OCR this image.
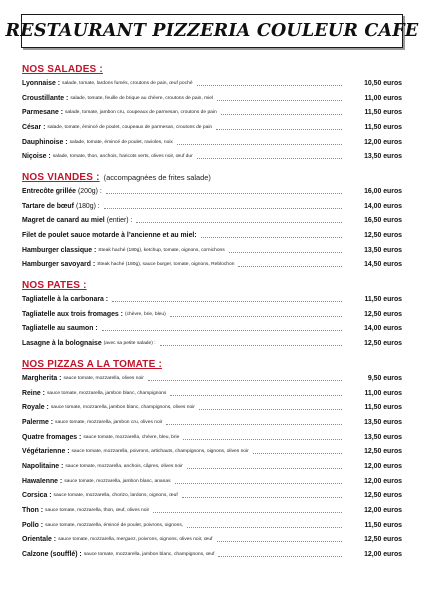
RESTAURANT PIZZERIA COULEUR CAFE
NOS SALADES :
Lyonnaise : salade, tomate, lardons fumés, croutons de pain, œuf poché	10,50 euros
Croustillante : salade, tomate, feuille de brique au chèvre, croutons de pain, miel	11,00 euros
Parmesane : salade, tomate, jambon cru, coupeaux de parmesan, croutons de pain	11,50 euros
César : salade, tomate, émincé de poulet, coupeaux de parmesan, croutons de pain	11,50 euros
Dauphinoise : salade, tomate, émincé de poulet, ravioles, noix	12,00 euros
Niçoise : salade, tomate, thon, anchois, haricots verts, olives noir, œuf dur	13,50 euros
NOS VIANDES : (accompagnées de frites salade)
Entrecôte grillée (200g) :	16,00 euros
Tartare de bœuf (180g) :	14,00 euros
Magret de canard au miel (entier) :	16,50 euros
Filet de poulet sauce motarde à l’ancienne et au miel:	12,50 euros
Hamburger classique : Steak haché (180g), ketchup, tomate, oignons, cornichons	13,50 euros
Hamburger savoyard : Steak haché (180g), sauce burger, tomate, oignons, Reblochon	14,50 euros
NOS PATES :
Tagliatelle à la carbonara :	11,50 euros
Tagliatelle aux trois fromages : (chèvre, brie, bleu)	12,50 euros
Tagliatelle au saumon :	14,00 euros
Lasagne à la bolognaise (avec sa petite salade) :	12,50 euros
NOS PIZZAS A LA TOMATE :
Margherita : sauce tomate, mozzarella, olives noir	9,50 euros
Reine : sauce tomate, mozzarella, jambon blanc, champignons	11,00 euros
Royale : sauce tomate, mozzarella, jambon blanc, champignons, olives noir	11,50 euros
Palerme : sauce tomate, mozzarella, jambon cru, olives noir	13,50 euros
Quatre fromages : sauce tomate, mozzarella, chèvre, bleu, brie	13,50 euros
Végétarienne : sauce tomate, mozzarella, poivrons, artichauts, champignons, oignons, olives noir	12,50 euros
Napolitaine : sauce tomate, mozzarella, anchois, câpres, olives noir	12,00 euros
Hawaïenne : sauce tomate, mozzarella, jambon blanc, ananas	12,00 euros
Corsica : sauce tomate, mozzarella, chorizo, lardons, oignons, œuf	12,50 euros
Thon : sauce tomate, mozzarella, thon, œuf, olives noir	12,00 euros
Pollo : sauce tomate, mozzarella, émincé de poulet, poivrons, oignons,	11,50 euros
Orientale : sauce tomate, mozzarella, merguez, poivrons, oignons, olives noir, œuf	12,50 euros
Calzone (soufflé) : sauce tomate, mozzarella, jambon blanc, champignons, œuf	12,00 euros
